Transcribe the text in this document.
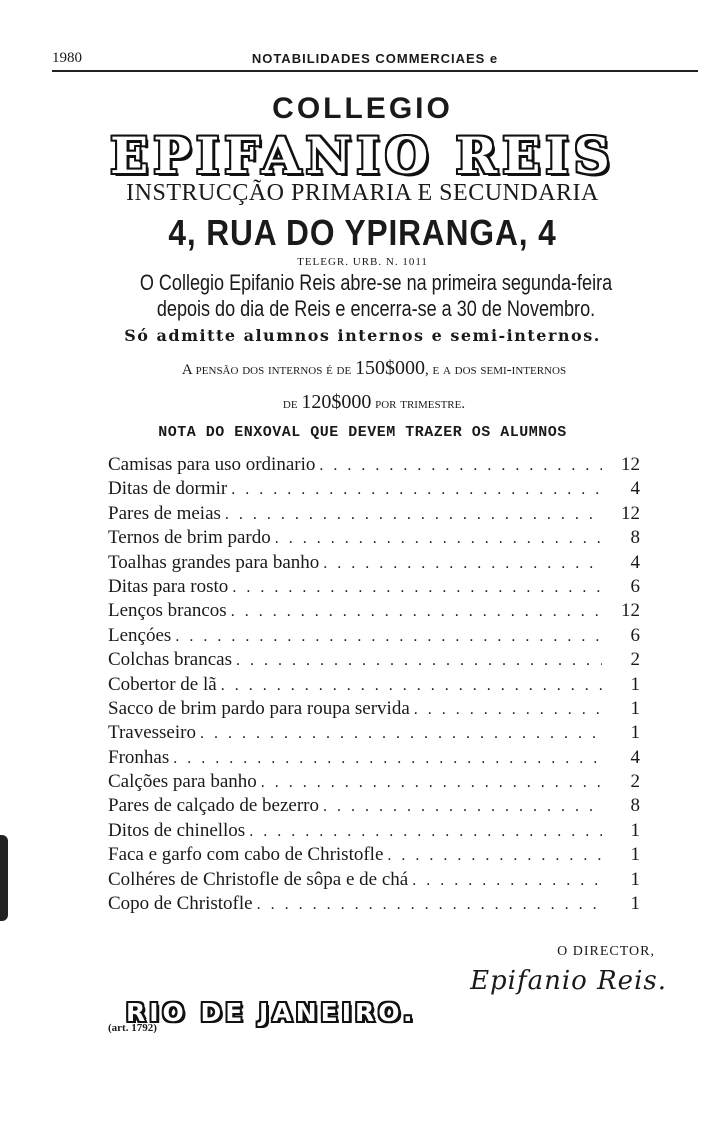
1980	NOTABILIDADES COMMERCIAES e
COLLEGIO
EPIFANIO REIS
INSTRUCÇÃO PRIMARIA E SECUNDARIA
4, RUA DO YPIRANGA, 4
TELEGR. URB. N. 1011
O Collegio Epifanio Reis abre-se na primeira segunda-feira depois do dia de Reis e encerra-se a 30 de Novembro.
Só admitte alumnos internos e semi-internos.
A pensão dos internos é de 150$000, e a dos semi-internos
de 120$000 por trimestre.
NOTA DO ENXOVAL QUE DEVEM TRAZER OS ALUMNOS
Camisas para uso ordinario . . .	12
Ditas de dormir . . .	4
Pares de meias . . .	12
Ternos de brim pardo . . .	8
Toalhas grandes para banho . . .	4
Ditas para rosto . . .	6
Lenços brancos . . .	12
Lençóes . . .	6
Colchas brancas . . .	2
Cobertor de lã . . .	1
Sacco de brim pardo para roupa servida . . .	1
Travesseiro . . .	1
Fronhas . . .	4
Calções para banho . . .	2
Pares de calçado de bezerro . . .	8
Ditos de chinellos . . .	1
Faca e garfo com cabo de Christofle . . .	1
Colhéres de Christofle de sôpa e de chá . . .	1
Copo de Christofle . . .	1
O DIRECTOR,
Epifanio Reis.
RIO DE JANEIRO.
(art. 1792)
